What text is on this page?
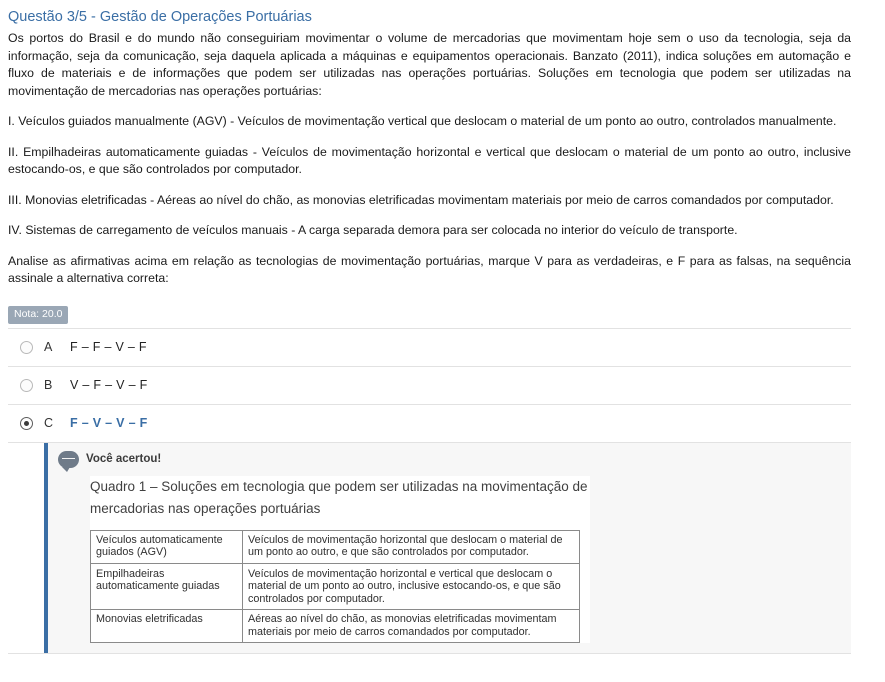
Questão 3/5 - Gestão de Operações Portuárias

Os portos do Brasil e do mundo não conseguiriam movimentar o volume de mercadorias que movimentam hoje sem o uso da tecnologia, seja da informação, seja da comunicação, seja daquela aplicada a máquinas e equipamentos operacionais. Banzato (2011), indica soluções em automação e fluxo de materiais e de informações que podem ser utilizadas nas operações portuárias. Soluções em tecnologia que podem ser utilizadas na movimentação de mercadorias nas operações portuárias:

I. Veículos guiados manualmente (AGV) - Veículos de movimentação vertical que deslocam o material de um ponto ao outro, controlados manualmente.

II. Empilhadeiras automaticamente guiadas - Veículos de movimentação horizontal e vertical que deslocam o material de um ponto ao outro, inclusive estocando-os, e que são controlados por computador.

III. Monovias eletrificadas - Aéreas ao nível do chão, as monovias eletrificadas movimentam materiais por meio de carros comandados por computador.

IV. Sistemas de carregamento de veículos manuais - A carga separada demora para ser colocada no interior do veículo de transporte.

Analise as afirmativas acima em relação as tecnologias de movimentação portuárias, marque V para as verdadeiras, e F para as falsas, na sequência assinale a alternativa correta:

Nota: 20.0
A	F – F – V – F
B	V – F – V – F
C	F – V – V – F
Você acertou!
Quadro 1 – Soluções em tecnologia que podem ser utilizadas na movimentação de mercadorias nas operações portuárias
Veículos automaticamente guiados (AGV)	Veículos de movimentação horizontal que deslocam o material de um ponto ao outro, e que são controlados por computador.
Empilhadeiras automaticamente guiadas	Veículos de movimentação horizontal e vertical que deslocam o material de um ponto ao outro, inclusive estocando-os, e que são controlados por computador.
Monovias eletrificadas	Aéreas ao nível do chão, as monovias eletrificadas movimentam materiais por meio de carros comandados por computador.
